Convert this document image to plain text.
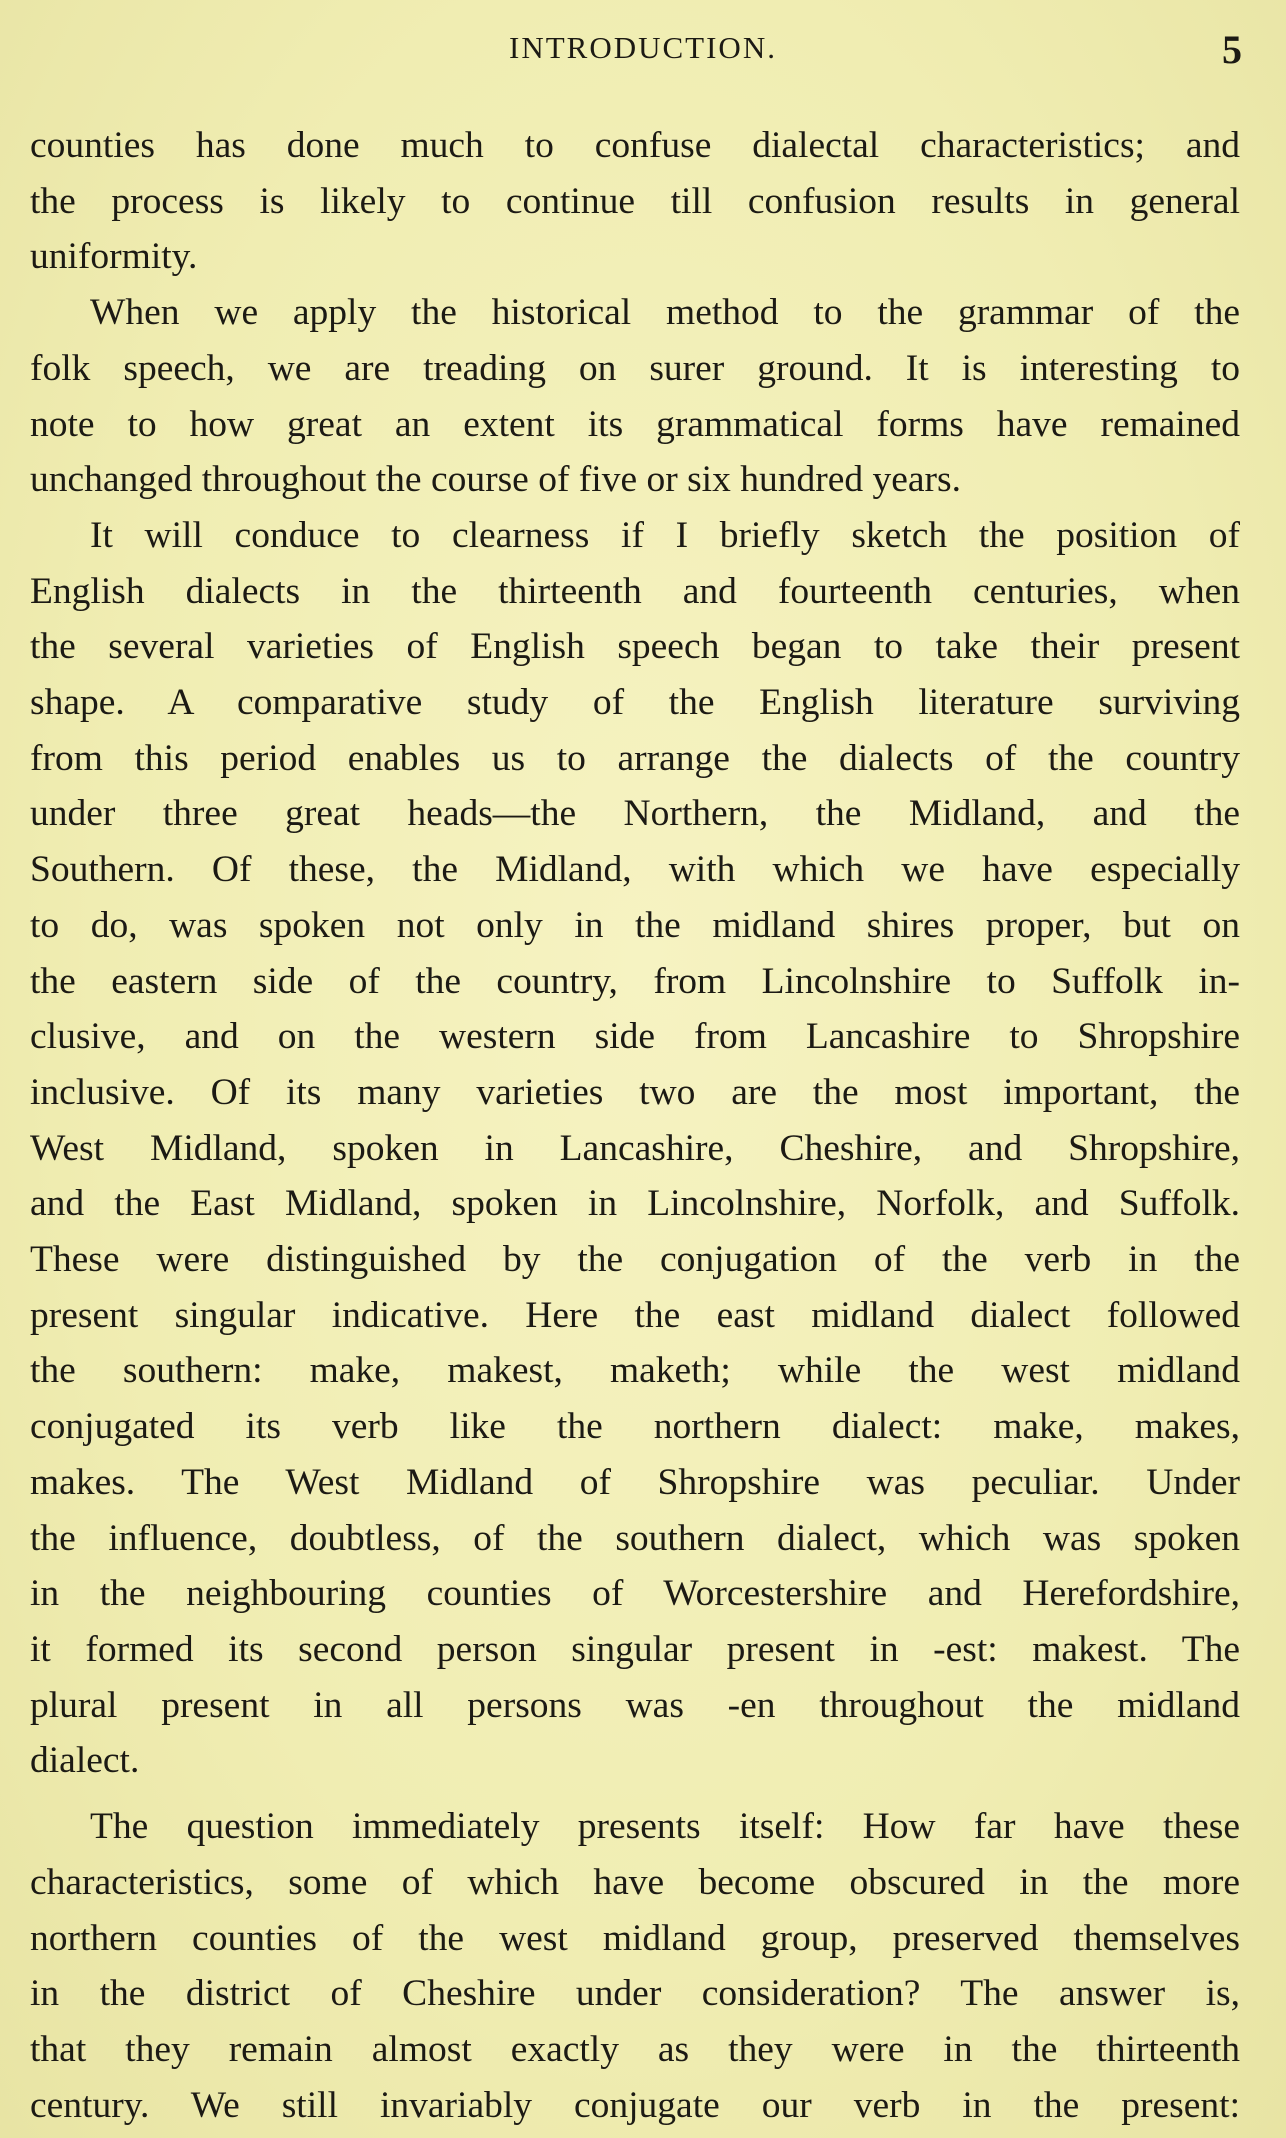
INTRODUCTION.	5

counties has done much to confuse dialectal characteristics; and
the process is likely to continue till confusion results in general
uniformity.

When we apply the historical method to the grammar of the
folk speech, we are treading on surer ground. It is interesting to
note to how great an extent its grammatical forms have remained
unchanged throughout the course of five or six hundred years.

It will conduce to clearness if I briefly sketch the position of
English dialects in the thirteenth and fourteenth centuries, when
the several varieties of English speech began to take their present
shape. A comparative study of the English literature surviving
from this period enables us to arrange the dialects of the country
under three great heads—the Northern, the Midland, and the
Southern. Of these, the Midland, with which we have especially
to do, was spoken not only in the midland shires proper, but on
the eastern side of the country, from Lincolnshire to Suffolk in-
clusive, and on the western side from Lancashire to Shropshire
inclusive. Of its many varieties two are the most important, the
West Midland, spoken in Lancashire, Cheshire, and Shropshire,
and the East Midland, spoken in Lincolnshire, Norfolk, and Suffolk.
These were distinguished by the conjugation of the verb in the
present singular indicative. Here the east midland dialect followed
the southern: make, makest, maketh; while the west midland
conjugated its verb like the northern dialect: make, makes,
makes. The West Midland of Shropshire was peculiar. Under
the influence, doubtless, of the southern dialect, which was spoken
in the neighbouring counties of Worcestershire and Herefordshire,
it formed its second person singular present in -est: makest. The
plural present in all persons was -en throughout the midland
dialect.

The question immediately presents itself: How far have these
characteristics, some of which have become obscured in the more
northern counties of the west midland group, preserved themselves
in the district of Cheshire under consideration? The answer is,
that they remain almost exactly as they were in the thirteenth
century. We still invariably conjugate our verb in the present:
